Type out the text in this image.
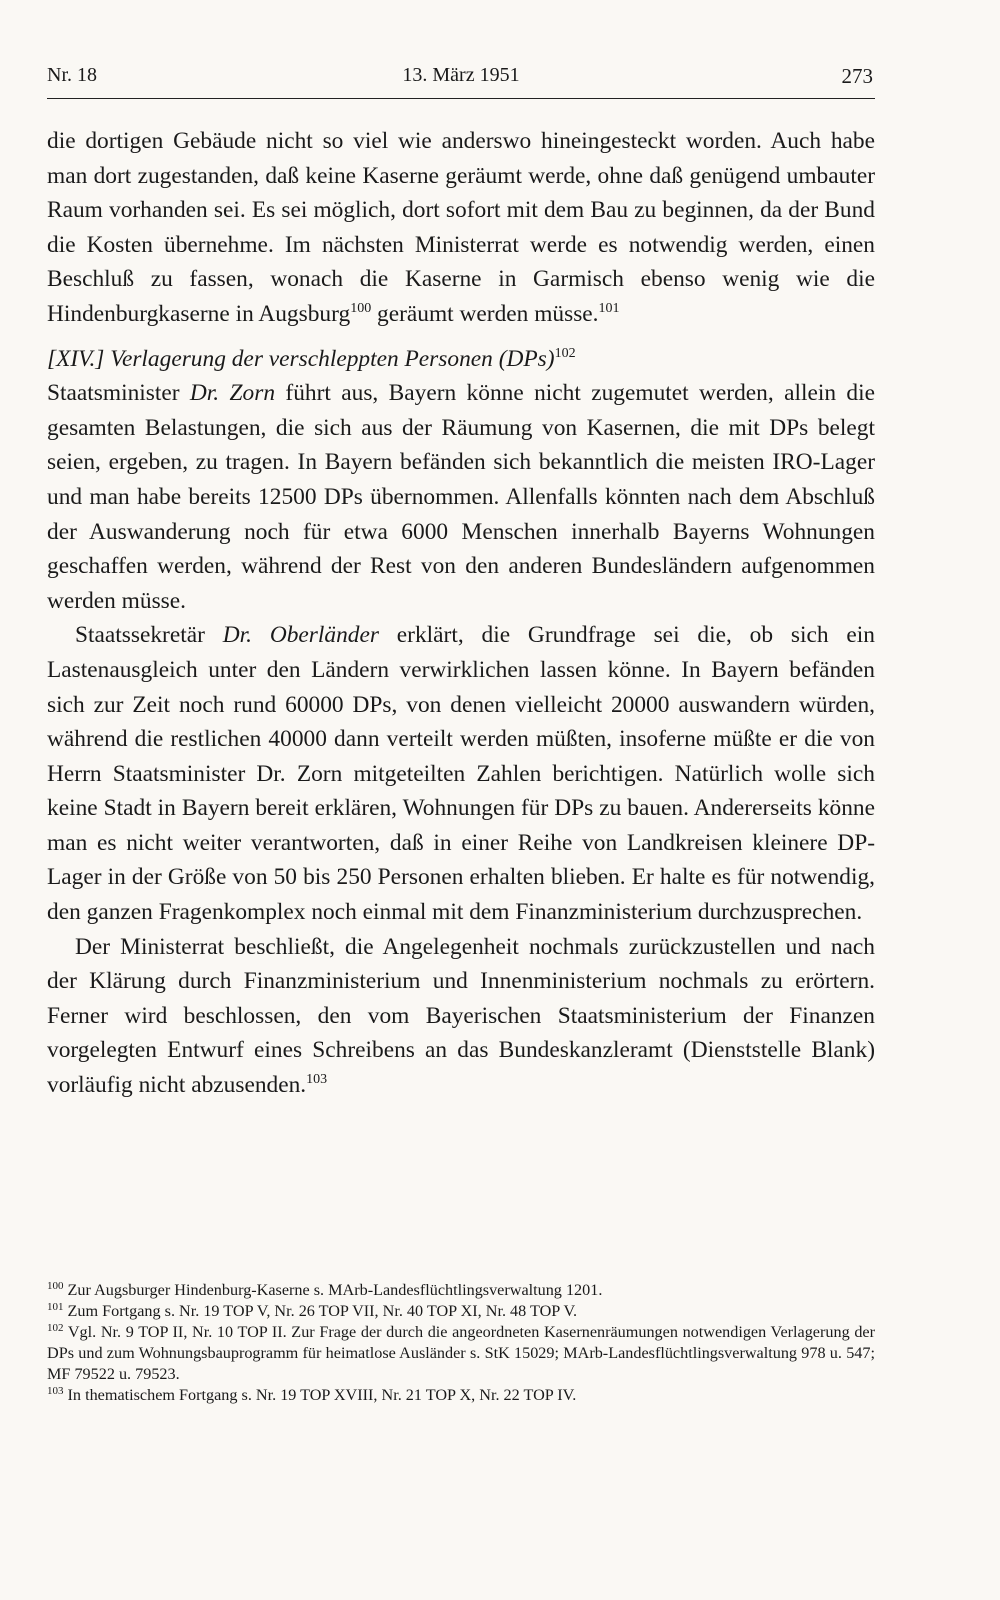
Nr. 18	13. März 1951	273

die dortigen Gebäude nicht so viel wie anderswo hineingesteckt worden. Auch habe man dort zugestanden, daß keine Kaserne geräumt werde, ohne daß genügend umbauter Raum vorhanden sei. Es sei möglich, dort sofort mit dem Bau zu beginnen, da der Bund die Kosten übernehme. Im nächsten Ministerrat werde es notwendig werden, einen Beschluß zu fassen, wonach die Kaserne in Garmisch ebenso wenig wie die Hindenburgkaserne in Augsburg$^{100}$ geräumt werden müsse.$^{101}$

[XIV.] Verlagerung der verschleppten Personen (DPs)$^{102}$

Staatsminister Dr. Zorn führt aus, Bayern könne nicht zugemutet werden, allein die gesamten Belastungen, die sich aus der Räumung von Kasernen, die mit DPs belegt seien, ergeben, zu tragen. In Bayern befänden sich bekanntlich die meisten IRO-Lager und man habe bereits 12500 DPs übernommen. Allenfalls könnten nach dem Abschluß der Auswanderung noch für etwa 6000 Menschen innerhalb Bayerns Wohnungen geschaffen werden, während der Rest von den anderen Bundesländern aufgenommen werden müsse.

Staatssekretär Dr. Oberländer erklärt, die Grundfrage sei die, ob sich ein Lastenausgleich unter den Ländern verwirklichen lassen könne. In Bayern befänden sich zur Zeit noch rund 60000 DPs, von denen vielleicht 20000 auswandern würden, während die restlichen 40000 dann verteilt werden müßten, insoferne müßte er die von Herrn Staatsminister Dr. Zorn mitgeteilten Zahlen berichtigen. Natürlich wolle sich keine Stadt in Bayern bereit erklären, Wohnungen für DPs zu bauen. Andererseits könne man es nicht weiter verantworten, daß in einer Reihe von Landkreisen kleinere DP-Lager in der Größe von 50 bis 250 Personen erhalten blieben. Er halte es für notwendig, den ganzen Fragenkomplex noch einmal mit dem Finanzministerium durchzusprechen.

Der Ministerrat beschließt, die Angelegenheit nochmals zurückzustellen und nach der Klärung durch Finanzministerium und Innenministerium nochmals zu erörtern. Ferner wird beschlossen, den vom Bayerischen Staatsministerium der Finanzen vorgelegten Entwurf eines Schreibens an das Bundeskanzleramt (Dienststelle Blank) vorläufig nicht abzusenden.$^{103}$

$^{100}$ Zur Augsburger Hindenburg-Kaserne s. MArb-Landesflüchtlingsverwaltung 1201.

$^{101}$ Zum Fortgang s. Nr. 19 TOP V, Nr. 26 TOP VII, Nr. 40 TOP XI, Nr. 48 TOP V.

$^{102}$ Vgl. Nr. 9 TOP II, Nr. 10 TOP II. Zur Frage der durch die angeordneten Kasernenräumungen notwendigen Verlagerung der DPs und zum Wohnungsbauprogramm für heimatlose Ausländer s. StK 15029; MArb-Landesflüchtlingsverwaltung 978 u. 547; MF 79522 u. 79523.

$^{103}$ In thematischem Fortgang s. Nr. 19 TOP XVIII, Nr. 21 TOP X, Nr. 22 TOP IV.
